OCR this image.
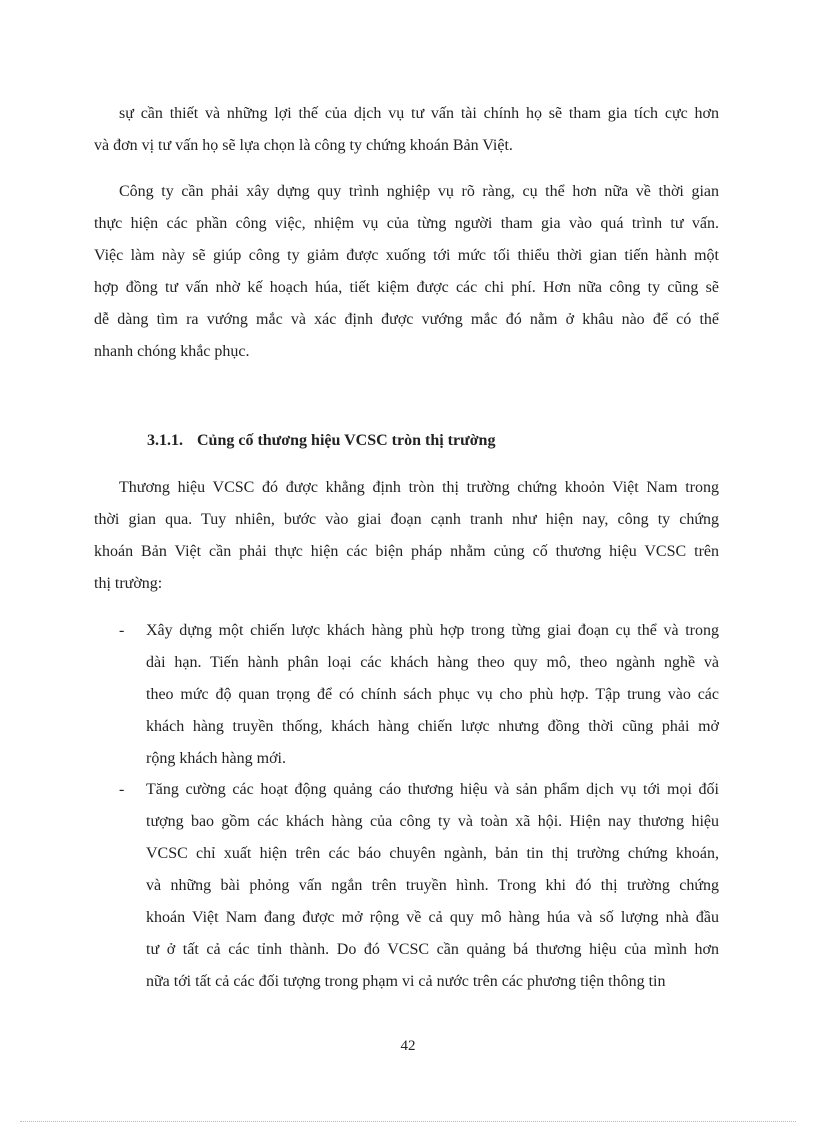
sự cần thiết và những lợi thế của dịch vụ tư vấn tài chính họ sẽ tham gia tích cực hơn
và đơn vị tư vấn họ sẽ lựa chọn là công ty chứng khoán Bản Việt.
Công ty cần phải xây dựng quy trình nghiệp vụ rõ ràng, cụ thể hơn nữa về thời gian
thực hiện các phần công việc, nhiệm vụ của từng người tham gia vào quá trình tư vấn.
Việc làm này sẽ giúp công ty giảm được xuống tới mức tối thiểu thời gian tiến hành một
hợp đồng tư vấn nhờ kế hoạch húa, tiết kiệm được các chi phí. Hơn nữa công ty cũng sẽ
dễ dàng tìm ra vướng mắc và xác định được vướng mắc đó nằm ở khâu nào để có thể
nhanh chóng khắc phục.
3.1.1. Củng cố thương hiệu VCSC tròn thị trường
Thương hiệu VCSC đó được khẳng định tròn thị trường chứng khoỏn Việt Nam trong
thời gian qua. Tuy nhiên, bước vào giai đoạn cạnh tranh như hiện nay, công ty chứng
khoán Bản Việt cần phải thực hiện các biện pháp nhằm củng cố thương hiệu VCSC trên
thị trường:
- Xây dựng một chiến lược khách hàng phù hợp trong từng giai đoạn cụ thể và trong
dài hạn. Tiến hành phân loại các khách hàng theo quy mô, theo ngành nghề và
theo mức độ quan trọng để có chính sách phục vụ cho phù hợp. Tập trung vào các
khách hàng truyền thống, khách hàng chiến lược nhưng đồng thời cũng phải mở
rộng khách hàng mới.
- Tăng cường các hoạt động quảng cáo thương hiệu và sản phẩm dịch vụ tới mọi đối
tượng bao gồm các khách hàng của công ty và toàn xã hội. Hiện nay thương hiệu
VCSC chỉ xuất hiện trên các báo chuyên ngành, bản tin thị trường chứng khoán,
và những bài phỏng vấn ngắn trên truyền hình. Trong khi đó thị trường chứng
khoán Việt Nam đang được mở rộng về cả quy mô hàng húa và số lượng nhà đầu
tư ở tất cả các tỉnh thành. Do đó VCSC cần quảng bá thương hiệu của mình hơn
nữa tới tất cả các đối tượng trong phạm vi cả nước trên các phương tiện thông tin
42
